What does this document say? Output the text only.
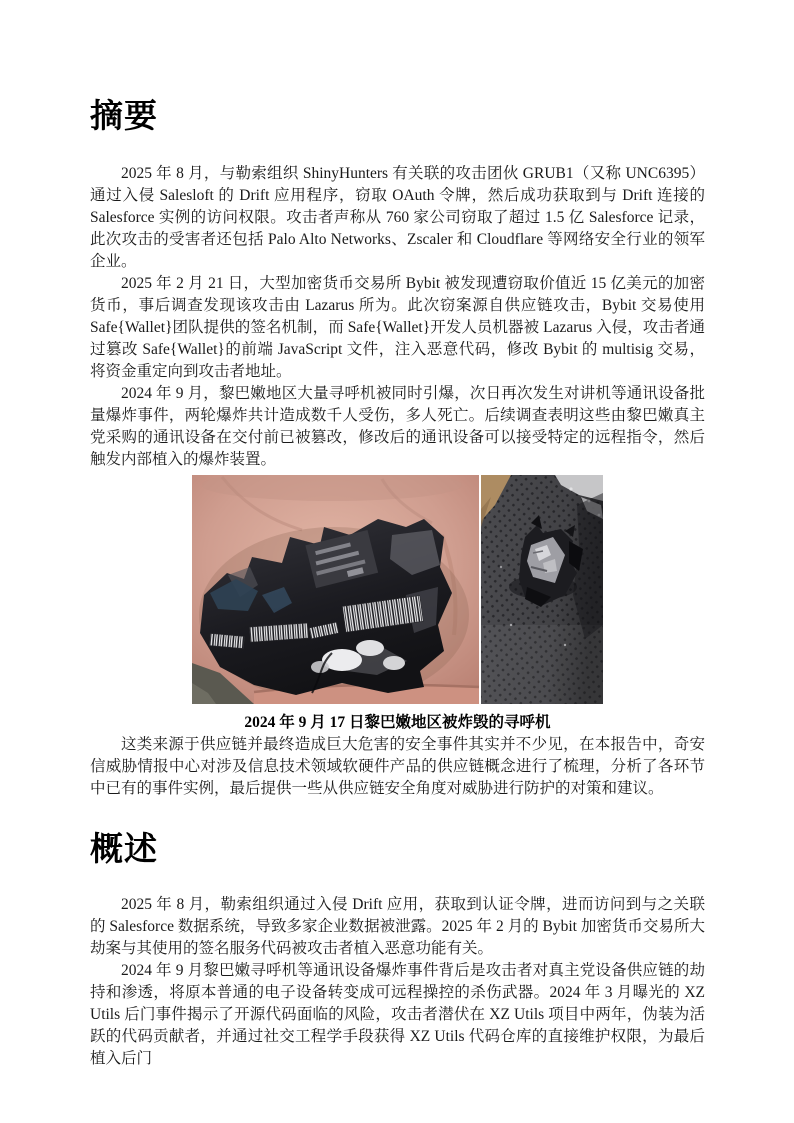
摘要

2025 年 8 月，与勒索组织 ShinyHunters 有关联的攻击团伙 GRUB1（又称 UNC6395）通过入侵 Salesloft 的 Drift 应用程序，窃取 OAuth 令牌，然后成功获取到与 Drift 连接的 Salesforce 实例的访问权限。攻击者声称从 760 家公司窃取了超过 1.5 亿 Salesforce 记录，此次攻击的受害者还包括 Palo Alto Networks、Zscaler 和 Cloudflare 等网络安全行业的领军企业。

2025 年 2 月 21 日，大型加密货币交易所 Bybit 被发现遭窃取价值近 15 亿美元的加密货币，事后调查发现该攻击由 Lazarus 所为。此次窃案源自供应链攻击，Bybit 交易使用 Safe{Wallet}团队提供的签名机制，而 Safe{Wallet}开发人员机器被 Lazarus 入侵，攻击者通过篡改 Safe{Wallet}的前端 JavaScript 文件，注入恶意代码，修改 Bybit 的 multisig 交易，将资金重定向到攻击者地址。

2024 年 9 月，黎巴嫩地区大量寻呼机被同时引爆，次日再次发生对讲机等通讯设备批量爆炸事件，两轮爆炸共计造成数千人受伤，多人死亡。后续调查表明这些由黎巴嫩真主党采购的通讯设备在交付前已被篡改，修改后的通讯设备可以接受特定的远程指令，然后触发内部植入的爆炸装置。

2024 年 9 月 17 日黎巴嫩地区被炸毁的寻呼机

这类来源于供应链并最终造成巨大危害的安全事件其实并不少见，在本报告中，奇安信威胁情报中心对涉及信息技术领域软硬件产品的供应链概念进行了梳理，分析了各环节中已有的事件实例，最后提供一些从供应链安全角度对威胁进行防护的对策和建议。

概述

2025 年 8 月，勒索组织通过入侵 Drift 应用，获取到认证令牌，进而访问到与之关联的 Salesforce 数据系统，导致多家企业数据被泄露。2025 年 2 月的 Bybit 加密货币交易所大劫案与其使用的签名服务代码被攻击者植入恶意功能有关。

2024 年 9 月黎巴嫩寻呼机等通讯设备爆炸事件背后是攻击者对真主党设备供应链的劫持和渗透，将原本普通的电子设备转变成可远程操控的杀伤武器。2024 年 3 月曝光的 XZ Utils 后门事件揭示了开源代码面临的风险，攻击者潜伏在 XZ Utils 项目中两年，伪装为活跃的代码贡献者，并通过社交工程学手段获得 XZ Utils 代码仓库的直接维护权限，为最后植入后门
